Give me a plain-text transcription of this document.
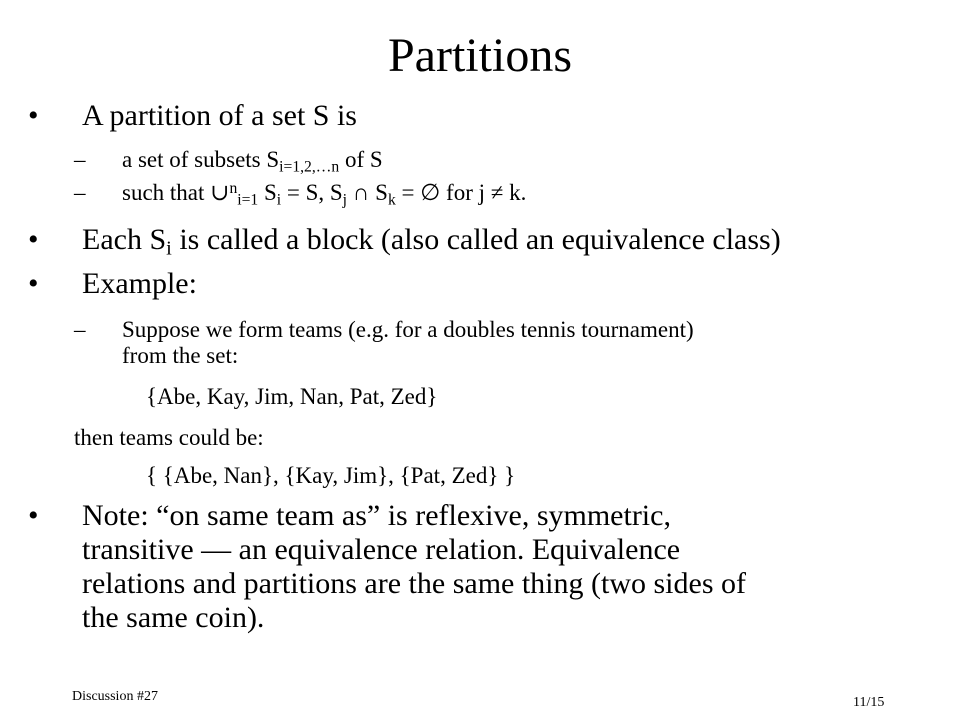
Partitions
• A partition of a set S is
– a set of subsets $S_{i=1,2,\dots n}$ of S
– such that ∪$^n_{i=1}$ $S_i = S$, $S_j$ ∩ $S_k$ = ∅ for j ≠ k.
• Each $S_i$ is called a block (also called an equivalence class)
• Example:
– Suppose we form teams (e.g. for a doubles tennis tournament)
from the set:
{Abe, Kay, Jim, Nan, Pat, Zed}
then teams could be:
{ {Abe, Nan}, {Kay, Jim}, {Pat, Zed} }
• Note: “on same team as” is reflexive, symmetric,
transitive — an equivalence relation. Equivalence
relations and partitions are the same thing (two sides of
the same coin).
Discussion #27	11/15
